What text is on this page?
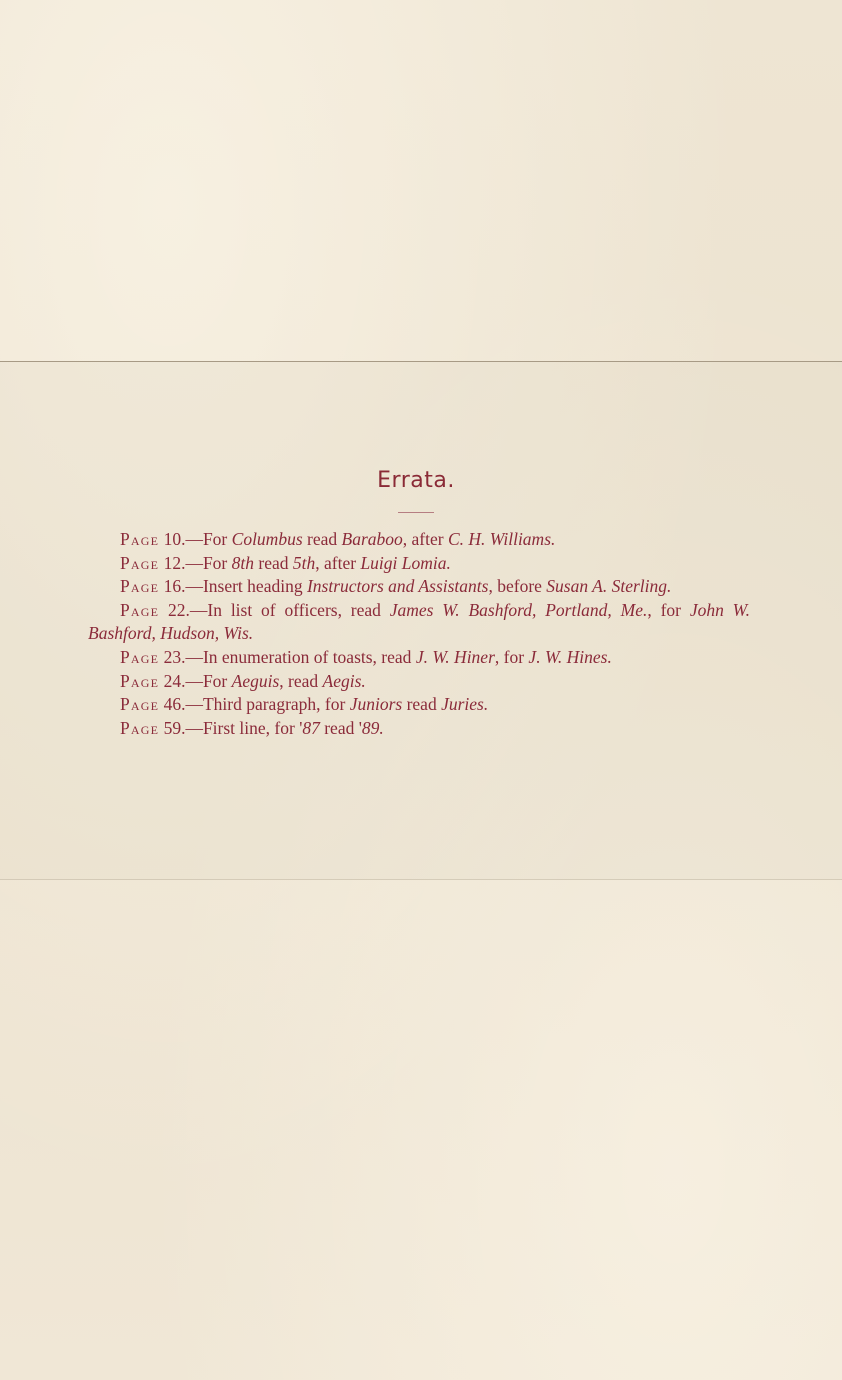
Errata.
Page 10.—For Columbus read Baraboo, after C. H. Williams.
Page 12.—For 8th read 5th, after Luigi Lomia.
Page 16.—Insert heading Instructors and Assistants, before Susan A. Sterling.
Page 22.—In list of officers, read James W. Bashford, Portland, Me., for John W. Bashford, Hudson, Wis.
Page 23.—In enumeration of toasts, read J. W. Hiner, for J. W. Hines.
Page 24.—For Aeguis, read Aegis.
Page 46.—Third paragraph, for Juniors read Juries.
Page 59.—First line, for '87 read '89.
